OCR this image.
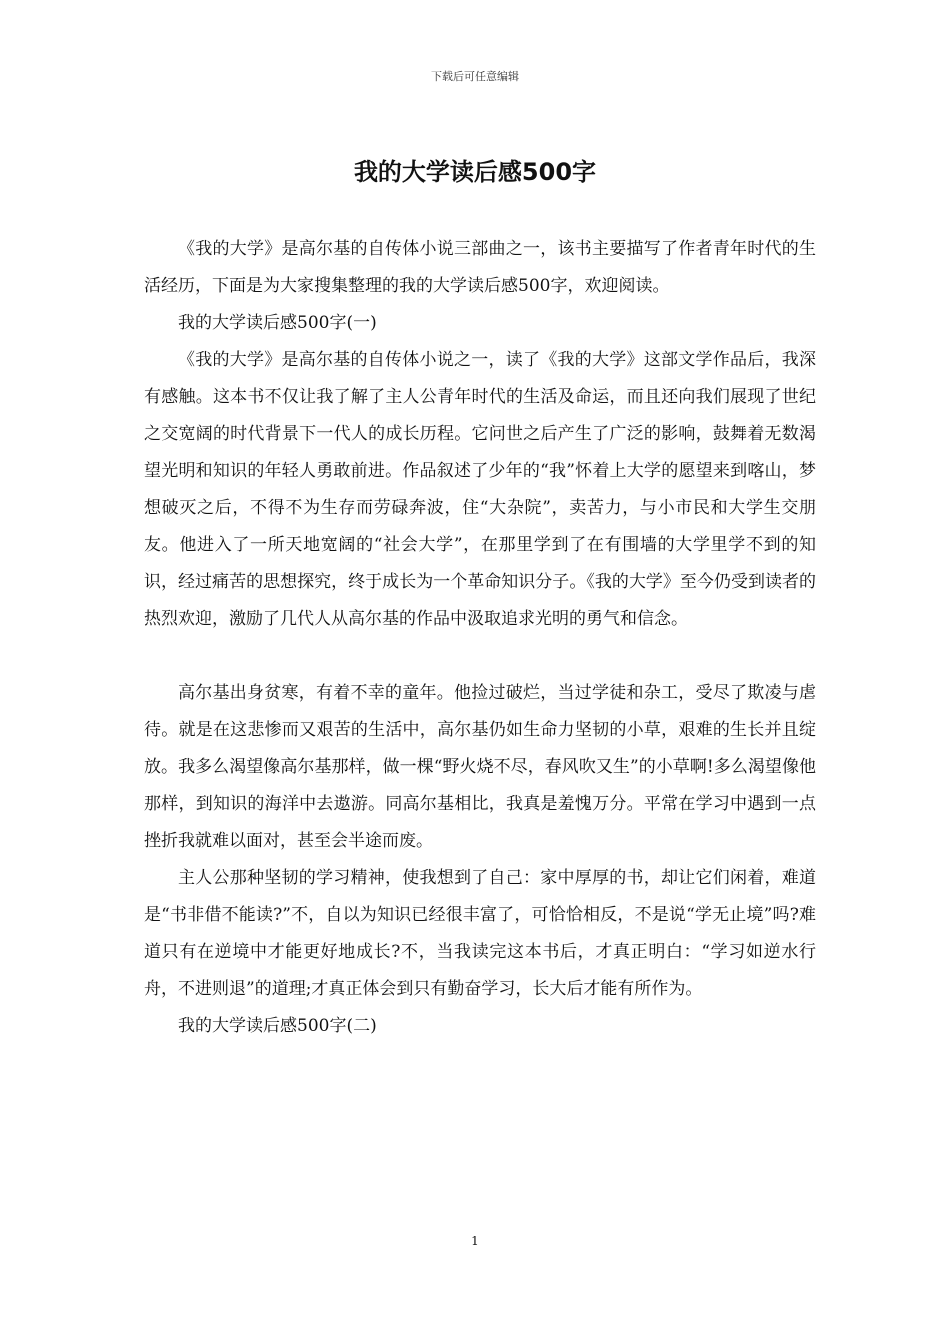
下载后可任意编辑
我的大学读后感500字

《我的大学》是高尔基的自传体小说三部曲之一，该书主要描写了作者青年时代的生活经历，下面是为大家搜集整理的我的大学读后感500字，欢迎阅读。

我的大学读后感500字(一)

《我的大学》是高尔基的自传体小说之一，读了《我的大学》这部文学作品后，我深有感触。这本书不仅让我了解了主人公青年时代的生活及命运，而且还向我们展现了世纪之交宽阔的时代背景下一代人的成长历程。它问世之后产生了广泛的影响，鼓舞着无数渴望光明和知识的年轻人勇敢前进。作品叙述了少年的“我”怀着上大学的愿望来到喀山，梦想破灭之后，不得不为生存而劳碌奔波，住“大杂院”，卖苦力，与小市民和大学生交朋友。他进入了一所天地宽阔的“社会大学”，在那里学到了在有围墙的大学里学不到的知识，经过痛苦的思想探究，终于成长为一个革命知识分子。《我的大学》至今仍受到读者的热烈欢迎，激励了几代人从高尔基的作品中汲取追求光明的勇气和信念。

高尔基出身贫寒，有着不幸的童年。他捡过破烂，当过学徒和杂工，受尽了欺凌与虐待。就是在这悲惨而又艰苦的生活中，高尔基仍如生命力坚韧的小草，艰难的生长并且绽放。我多么渴望像高尔基那样，做一棵“野火烧不尽，春风吹又生”的小草啊!多么渴望像他那样，到知识的海洋中去遨游。同高尔基相比，我真是羞愧万分。平常在学习中遇到一点挫折我就难以面对，甚至会半途而废。

主人公那种坚韧的学习精神，使我想到了自己：家中厚厚的书，却让它们闲着，难道是“书非借不能读?”不，自以为知识已经很丰富了，可恰恰相反，不是说“学无止境”吗?难道只有在逆境中才能更好地成长?不，当我读完这本书后，才真正明白：“学习如逆水行舟，不进则退”的道理;才真正体会到只有勤奋学习，长大后才能有所作为。

我的大学读后感500字(二)

1
